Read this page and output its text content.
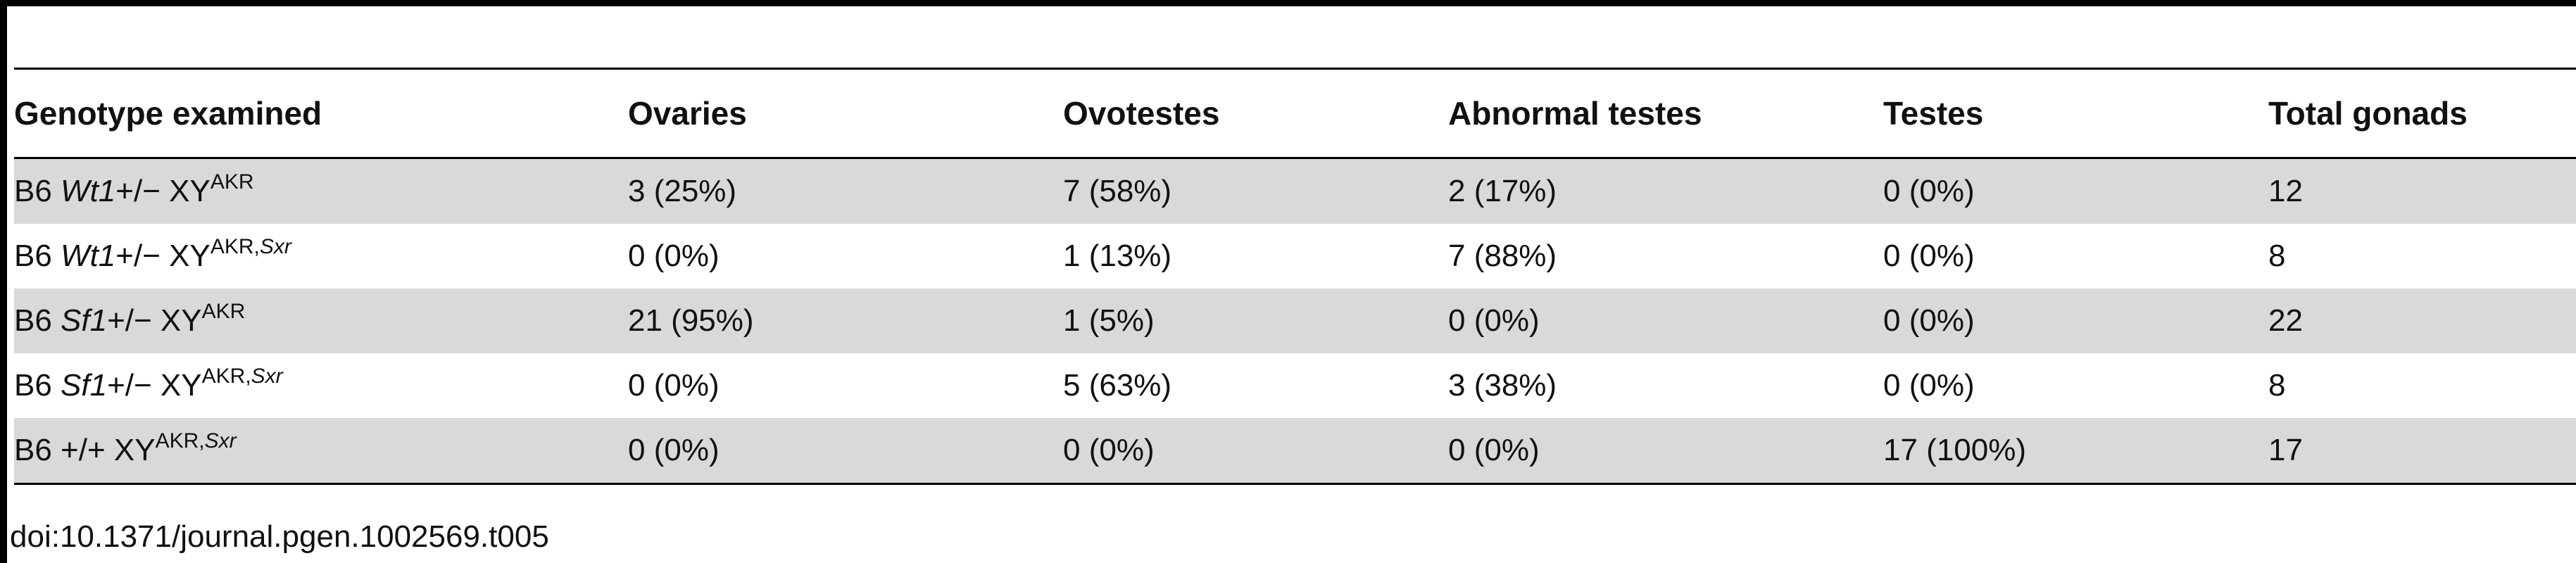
Genotype examined	Ovaries	Ovotestes	Abnormal testes	Testes	Total gonads
B6 $Wt1+/- XY^{AKR}$	3 (25%)	7 (58%)	2 (17%)	0 (0%)	12
B6 $Wt1+/- XY^{AKR,Sxr}$	0 (0%)	1 (13%)	7 (88%)	0 (0%)	8
B6 $Sf1+/- XY^{AKR}$	21 (95%)	1 (5%)	0 (0%)	0 (0%)	22
B6 $Sf1+/- XY^{AKR,Sxr}$	0 (0%)	5 (63%)	3 (38%)	0 (0%)	8
B6 +/+ $XY^{AKR,Sxr}$	0 (0%)	0 (0%)	0 (0%)	17 (100%)	17
doi:10.1371/journal.pgen.1002569.t005
